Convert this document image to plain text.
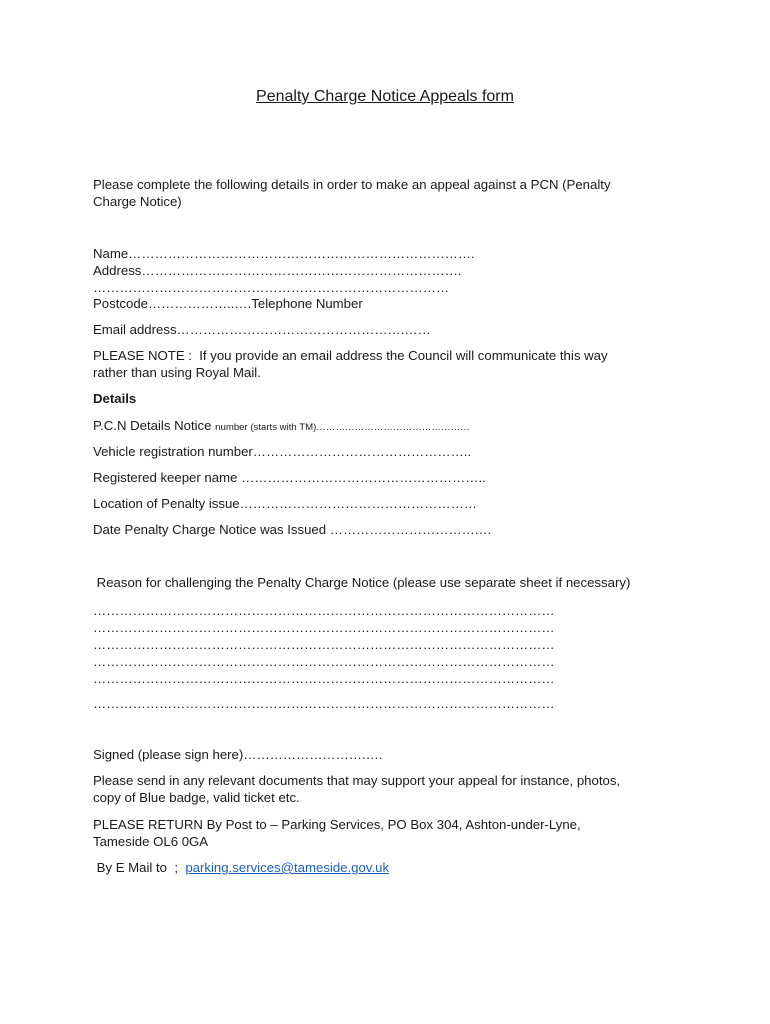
Penalty Charge Notice Appeals form
Please complete the following details in order to make an appeal against a PCN (Penalty
Charge Notice)
Name…………………………………………………………………….
Address……………………………………………………………….
………………………………………………………………………
Postcode………………..….Telephone Number
Email address…………………………………………….……
PLEASE NOTE :  If you provide an email address the Council will communicate this way
rather than using Royal Mail.
Details
P.C.N Details Notice number (starts with TM)…………………………………………
Vehicle registration number…………………………………………..
Registered keeper name ………………………………………………..
Location of Penalty issue………………………………………………
Date Penalty Charge Notice was Issued …………………………….…
Reason for challenging the Penalty Charge Notice (please use separate sheet if necessary)
……………………………………………………………………………………………
……………………………………………………………………………………………
……………………………………………………………………………………………
……………………………………………………………………………………………
……………………………………………………………………………………………
……………………………………………………………………………………………
Signed (please sign here)……………………….….
Please send in any relevant documents that may support your appeal for instance, photos,
copy of Blue badge, valid ticket etc.
PLEASE RETURN By Post to – Parking Services, PO Box 304, Ashton-under-Lyne,
Tameside OL6 0GA
By E Mail to  ;  parking.services@tameside.gov.uk
